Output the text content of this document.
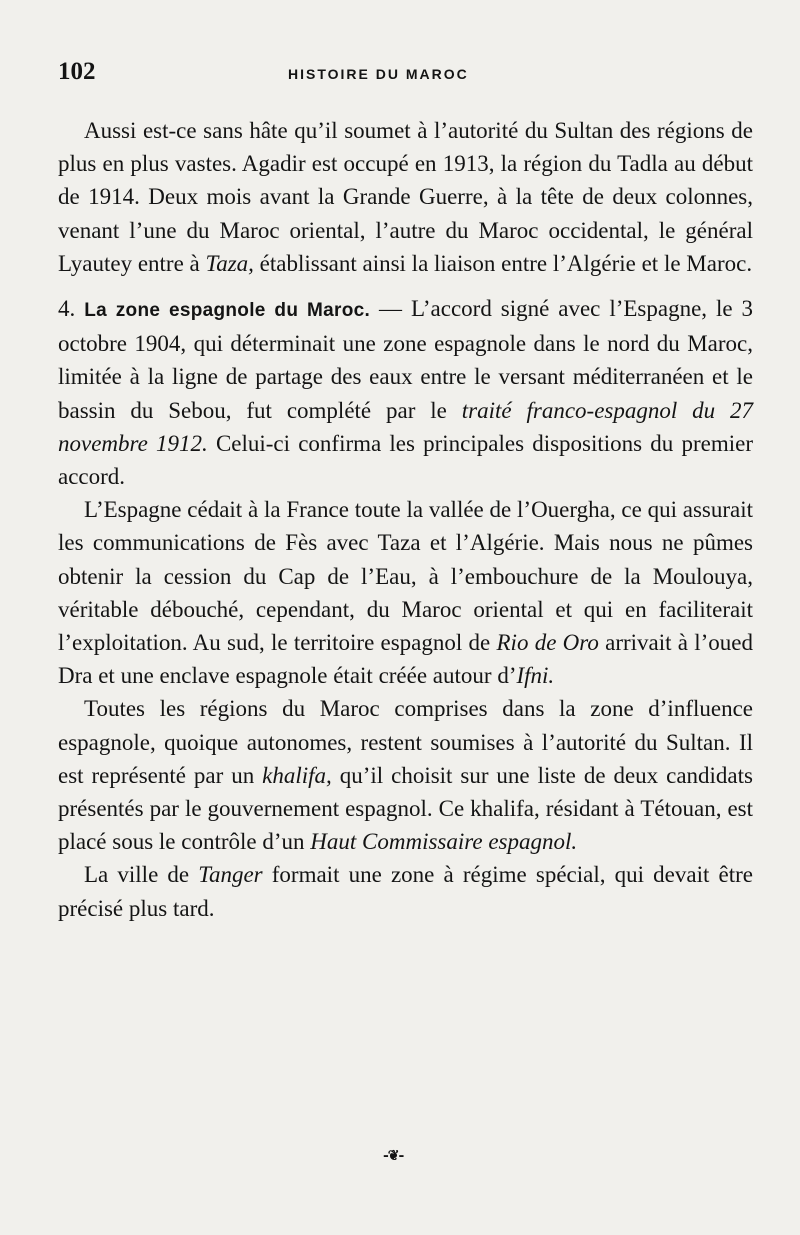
102	HISTOIRE DU MAROC

Aussi est-ce sans hâte qu’il soumet à l’autorité du Sultan des régions de plus en plus vastes. Agadir est occupé en 1913, la région du Tadla au début de 1914. Deux mois avant la Grande Guerre, à la tête de deux colonnes, venant l’une du Maroc oriental, l’autre du Maroc occidental, le général Lyautey entre à Taza, établissant ainsi la liaison entre l’Algérie et le Maroc.

4. La zone espagnole du Maroc. — L’accord signé avec l’Espagne, le 3 octobre 1904, qui déterminait une zone espagnole dans le nord du Maroc, limitée à la ligne de partage des eaux entre le versant méditerranéen et le bassin du Sebou, fut complété par le traité franco-espagnol du 27 novembre 1912. Celui-ci confirma les principales dispositions du premier accord.

L’Espagne cédait à la France toute la vallée de l’Ouergha, ce qui assurait les communications de Fès avec Taza et l’Algérie. Mais nous ne pûmes obtenir la cession du Cap de l’Eau, à l’embouchure de la Moulouya, véritable débouché, cependant, du Maroc oriental et qui en faciliterait l’exploitation. Au sud, le territoire espagnol de Rio de Oro arrivait à l’oued Dra et une enclave espagnole était créée autour d’Ifni.

Toutes les régions du Maroc comprises dans la zone d’influence espagnole, quoique autonomes, restent soumises à l’autorité du Sultan. Il est représenté par un khalifa, qu’il choisit sur une liste de deux candidats présentés par le gouvernement espagnol. Ce khalifa, résidant à Tétouan, est placé sous le contrôle d’un Haut Commissaire espagnol.

La ville de Tanger formait une zone à régime spécial, qui devait être précisé plus tard.

-❦-
